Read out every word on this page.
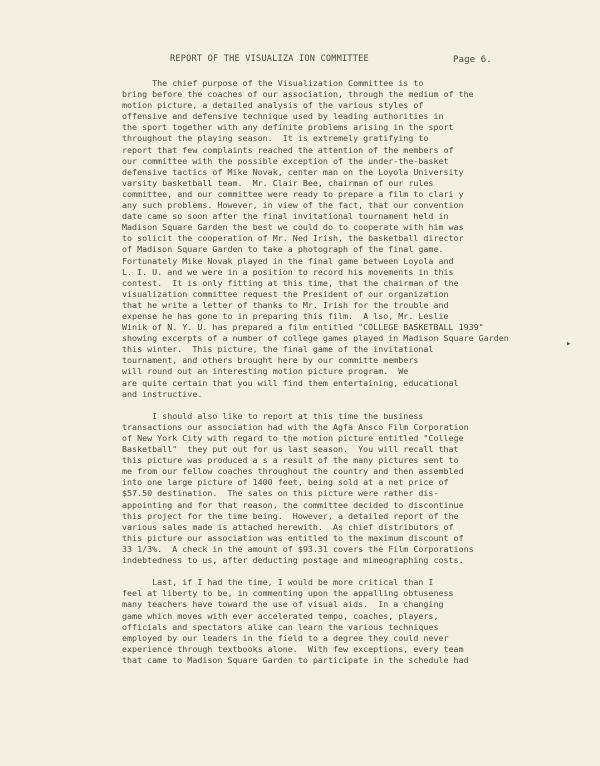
REPORT OF THE VISUALIZA ION COMMITTEE	Page 6.
The chief purpose of the Visualization Committee is to
bring before the coaches of our association, through the medium of the
motion picture, a detailed analysis of the various styles of
offensive and defensive technique used by leading authorities in
the sport together with any definite problems arising in the sport
throughout the playing season.  It is extremely gratifying to
report that few complaints reached the attention of the members of
our committee with the possible exception of the under-the-basket
defensive tactics of Mike Novak, center man on the Loyola University
varsity basketball team.  Mr. Clair Bee, chairman of our rules
committee, and our committee were ready to prepare a film to clari y
any such problems. However, in view of the fact, that our convention
date came so soon after the final invitational tournament held in
Madison Square Garden the best we could do to cooperate with him was
to solicit the cooperation of Mr. Ned Irish, the basketball director
of Madison Square Garden to take a photograph of the final game.
Fortunately Mike Novak played in the final game between Loyola and
L. I. U. and we were in a position to record his movements in this
contest.  It is only fitting at this time, that the chairman of the
visualization committee request the President of our organization
that he write a letter of thanks to Mr. Irish for the trouble and
expense he has gone to in preparing this film.  A lso, Mr. Leslie
Winik of N. Y. U. has prepared a film entitled "COLLEGE BASKETBALL 1939"
showing excerpts of a number of college games played in Madison Square Garden
this winter.  This picture, the final game of the invitational
tournament, and others brought here by our committe members
will round out an interesting motion picture program.  We
are quite certain that you will find them entertaining, educational
and instructive.
I should also like to report at this time the business
transactions our association had with the Agfa Ansco Film Corporation
of New York City with regard to the motion picture entitled "College
Basketball"  they put out for us last season.  You will recall that
this picture was produced a s a result of the many pictures sent to
me from our fellow coaches throughout the country and then assembled
into one large picture of 1400 feet, being sold at a net price of
$57.50 destination.  The sales on this picture were rather dis-
appointing and for that reason, the committee decided to discontinue
this project for the time being.  However, a detailed report of the
various sales made is attached herewith.  As chief distributors of
this picture our association was entitled to the maximum discount of
33 1/3%.  A check in the amount of $93.31 covers the Film Corporations
indebtedness to us, after deducting postage and mimeographing costs.
Last, if I had the time, I would be more critical than I
feel at liberty to be, in commenting upon the appalling obtuseness
many teachers have toward the use of visual aids.  In a changing
game which moves with ever accelerated tempo, coaches, players,
officials and spectators alike can learn the various techniques
employed by our leaders in the field to a degree they could never
experience through textbooks alone.  With few exceptions, every team
that came to Madison Square Garden to participate in the schedule had
▸
